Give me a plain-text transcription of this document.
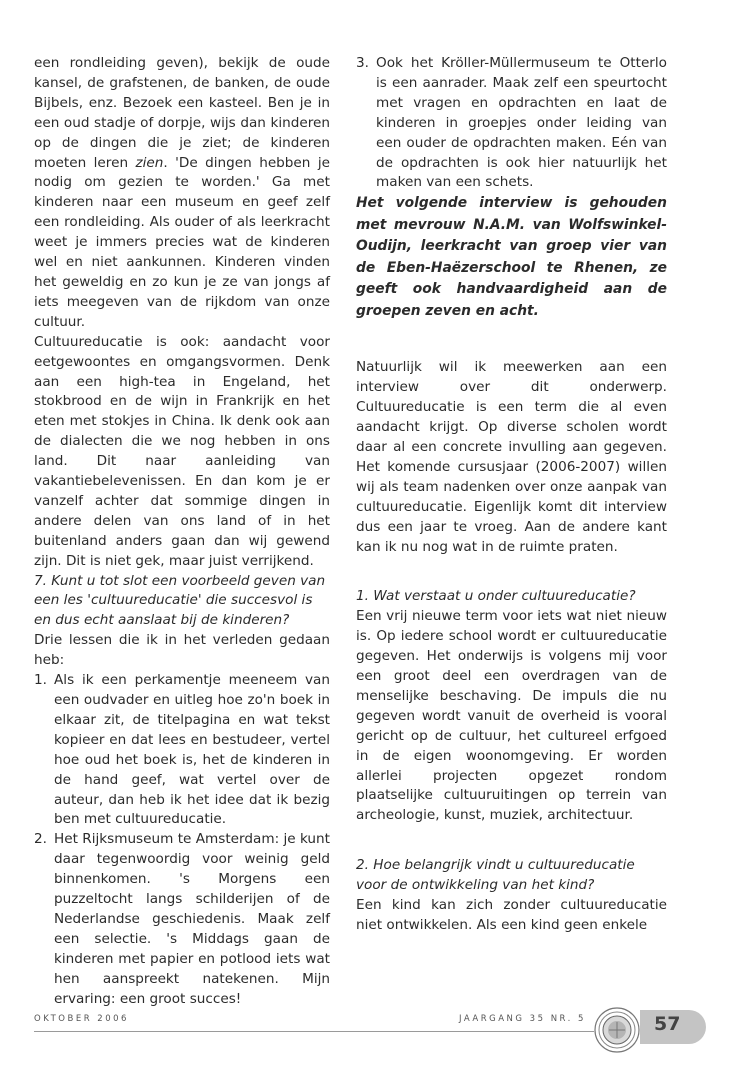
een rondleiding geven), bekijk de oude kansel, de grafstenen, de banken, de oude Bijbels, enz. Bezoek een kasteel. Ben je in een oud stadje of dorpje, wijs dan kinderen op de dingen die je ziet; de kinderen moeten leren zien. 'De dingen hebben je nodig om gezien te worden.' Ga met kinderen naar een museum en geef zelf een rondleiding. Als ouder of als leerkracht weet je immers precies wat de kinderen wel en niet aankunnen. Kinderen vinden het geweldig en zo kun je ze van jongs af iets meegeven van de rijkdom van onze cultuur.

Cultuureducatie is ook: aandacht voor eetgewoontes en omgangsvormen. Denk aan een high-tea in Engeland, het stokbrood en de wijn in Frankrijk en het eten met stokjes in China. Ik denk ook aan de dialecten die we nog hebben in ons land. Dit naar aanleiding van vakantiebelevenissen. En dan kom je er vanzelf achter dat sommige dingen in andere delen van ons land of in het buitenland anders gaan dan wij gewend zijn. Dit is niet gek, maar juist verrijkend.

7. Kunt u tot slot een voorbeeld geven van een les 'cultuureducatie' die succesvol is en dus echt aanslaat bij de kinderen?

Drie lessen die ik in het verleden gedaan heb:

1. Als ik een perkamentje meeneem van een oudvader en uitleg hoe zo'n boek in elkaar zit, de titelpagina en wat tekst kopieer en dat lees en bestudeer, vertel hoe oud het boek is, het de kinderen in de hand geef, wat vertel over de auteur, dan heb ik het idee dat ik bezig ben met cultuureducatie.
2. Het Rijksmuseum te Amsterdam: je kunt daar tegenwoordig voor weinig geld binnenkomen. 's Morgens een puzzeltocht langs schilderijen of de Nederlandse geschiedenis. Maak zelf een selectie. 's Middags gaan de kinderen met papier en potlood iets wat hen aanspreekt natekenen. Mijn ervaring: een groot succes!
3. Ook het Kröller-Müllermuseum te Otterlo is een aanrader. Maak zelf een speurtocht met vragen en opdrachten en laat de kinderen in groepjes onder leiding van een ouder de opdrachten maken. Eén van de opdrachten is ook hier natuurlijk het maken van een schets.

Het volgende interview is gehouden met mevrouw N.A.M. van Wolfswinkel-Oudijn, leerkracht van groep vier van de Eben-Haëzerschool te Rhenen, ze geeft ook handvaardigheid aan de groepen zeven en acht.

Natuurlijk wil ik meewerken aan een interview over dit onderwerp. Cultuureducatie is een term die al even aandacht krijgt. Op diverse scholen wordt daar al een concrete invulling aan gegeven. Het komende cursusjaar (2006-2007) willen wij als team nadenken over onze aanpak van cultuureducatie. Eigenlijk komt dit interview dus een jaar te vroeg. Aan de andere kant kan ik nu nog wat in de ruimte praten.

1. Wat verstaat u onder cultuureducatie?

Een vrij nieuwe term voor iets wat niet nieuw is. Op iedere school wordt er cultuureducatie gegeven. Het onderwijs is volgens mij voor een groot deel een overdragen van de menselijke beschaving. De impuls die nu gegeven wordt vanuit de overheid is vooral gericht op de cultuur, het cultureel erfgoed in de eigen woonomgeving. Er worden allerlei projecten opgezet rondom plaatselijke cultuuruitingen op terrein van archeologie, kunst, muziek, architectuur.

2. Hoe belangrijk vindt u cultuureducatie voor de ontwikkeling van het kind?

Een kind kan zich zonder cultuureducatie niet ontwikkelen. Als een kind geen enkele

OKTOBER 2006	JAARGANG 35 NR. 5	57
